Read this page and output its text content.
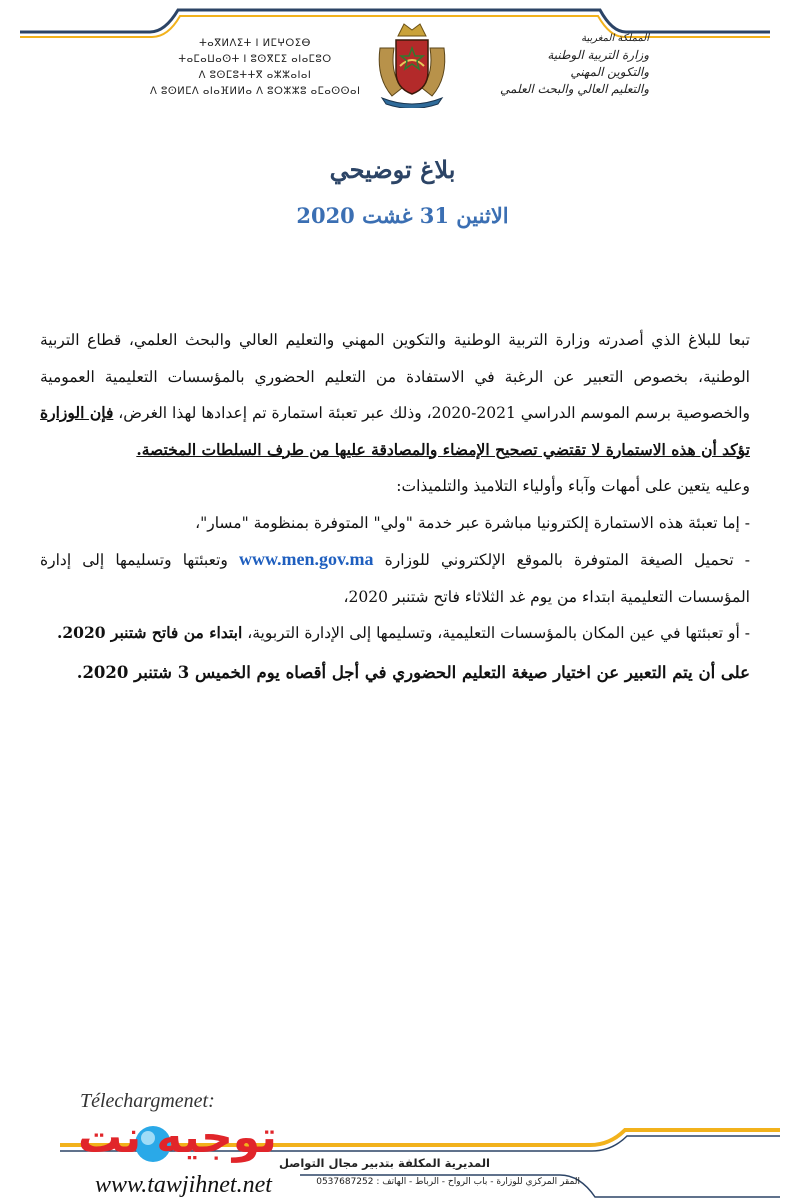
ⵜⴰⴳⵍⴷⵉⵜ ⵏ ⵍⵎⵖⵔⵉⴱ
ⵜⴰⵎⴰⵡⴰⵙⵜ ⵏ ⵓⵙⴳⵎⵉ ⴰⵏⴰⵎⵓⵔ
ⴷ ⵓⵙⵎⵓⵜⵜⴳ ⴰⵣⵣⴰⵏⴰⵏ
ⴷ ⵓⵙⵍⵎⴷ ⴰⵏⴰⴼⵍⵍⴰ ⴷ ⵓⵔⵣⵣⵓ ⴰⵎⴰⵙⵙⴰⵏ
المملكة المغربية
وزارة التربية الوطنية
والتكوين المهني
والتعليم العالي والبحث العلمي
بلاغ توضيحي
الاثنين 31 غشت 2020

تبعا للبلاغ الذي أصدرته وزارة التربية الوطنية والتكوين المهني والتعليم العالي والبحث العلمي، قطاع التربية الوطنية، بخصوص التعبير عن الرغبة في الاستفادة من التعليم الحضوري بالمؤسسات التعليمية العمومية والخصوصية برسم الموسم الدراسي 2021-2020، وذلك عبر تعبئة استمارة تم إعدادها لهذا الغرض، فإن الوزارة تؤكد أن هذه الاستمارة لا تقتضي تصحيح الإمضاء والمصادقة عليها من طرف السلطات المختصة.

وعليه يتعين على أمهات وآباء وأولياء التلاميذ والتلميذات:

- إما تعبئة هذه الاستمارة إلكترونيا مباشرة عبر خدمة "ولي" المتوفرة بمنظومة "مسار"،

- تحميل الصيغة المتوفرة بالموقع الإلكتروني للوزارة www.men.gov.ma وتعبئتها وتسليمها إلى إدارة المؤسسات التعليمية ابتداء من يوم غد الثلاثاء فاتح شتنبر 2020،

- أو تعبئتها في عين المكان بالمؤسسات التعليمية، وتسليمها إلى الإدارة التربوية، ابتداء من فاتح شتنبر 2020.

على أن يتم التعبير عن اختيار صيغة التعليم الحضوري في أجل أقصاه يوم الخميس 3 شتنبر 2020.

Télechargmenet:
توجيه نت
www.tawjihnet.net
المديرية المكلفة بتدبير مجال التواصل
المقر المركزي للوزارة - باب الرواح - الرباط - الهاتف : 0537687252
